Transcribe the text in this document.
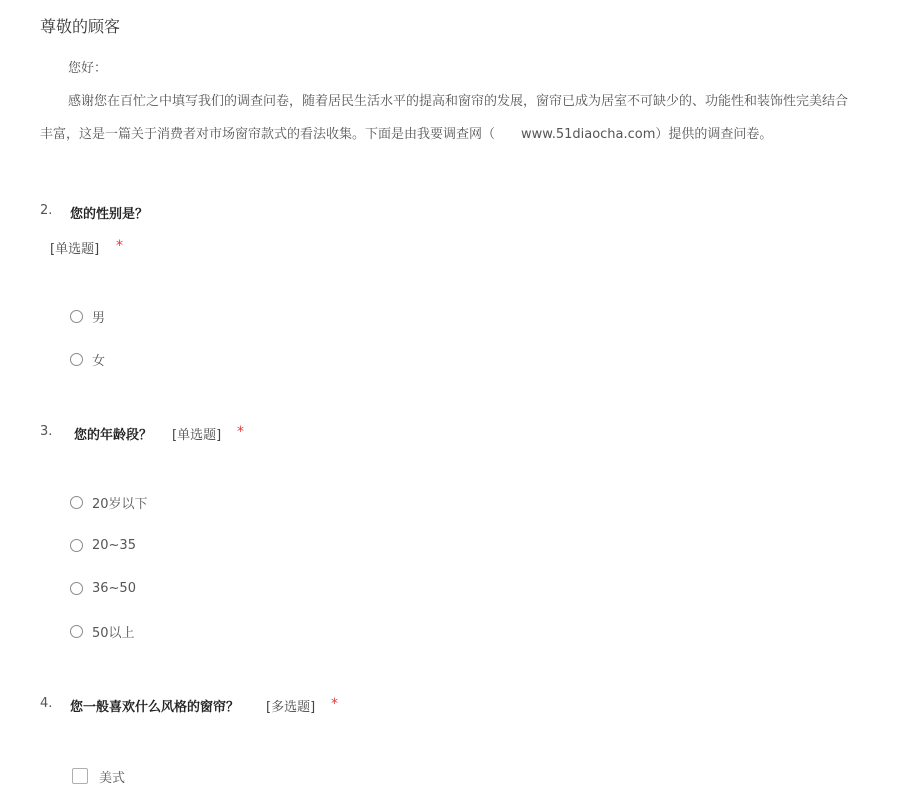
尊敬的顾客
您好：
感谢您在百忙之中填写我们的调查问卷，随着居民生活水平的提高和窗帘的发展，窗帘已成为居室不可缺少的、功能性和装饰性完美结合
丰富，这是一篇关于消费者对市场窗帘款式的看法收集。下面是由我要调查网（　　www.51diaocha.com）提供的调查问卷。
2. 您的性别是？
[单选题] *
男
女
3. 您的年龄段？ [单选题] *
20岁以下
20~35
36~50
50以上
4. 您一般喜欢什么风格的窗帘？ [多选题] *
美式
